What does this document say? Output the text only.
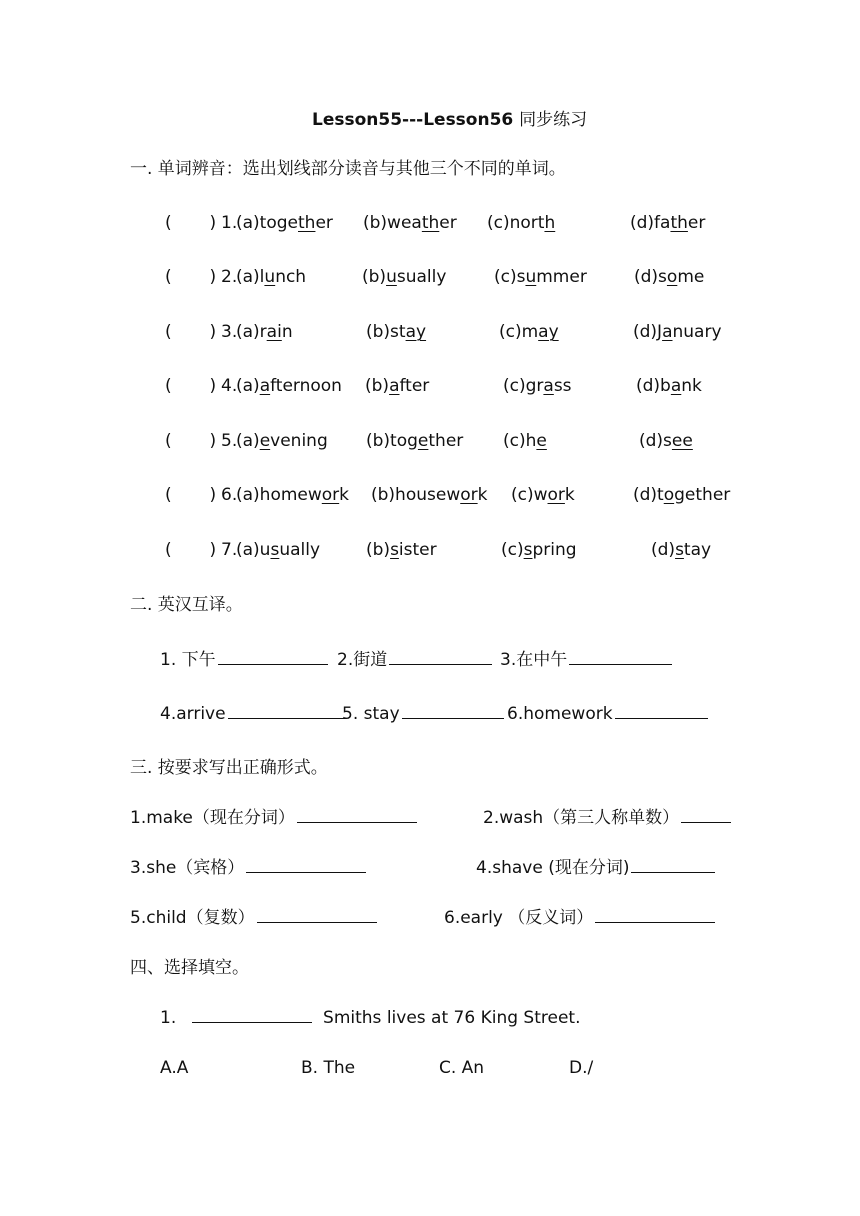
Lesson55---Lesson56 同步练习
一. 单词辨音：选出划线部分读音与其他三个不同的单词。
(       ) 1.
(a)together (b)weather (c)north	(d)father
(       ) 2.
(a)lunch	(b)usually	(c)summer	(d)some
(       ) 3.
(a)rain	(b)stay	(c)may	(d)January
(       ) 4.
(a)afternoon (b)after	(c)grass	(d)bank
(       ) 5.
(a)evening (b)together (c)he	(d)see
(       ) 6.
(a)homework (b)housework (c)work	(d)together
(       ) 7.
(a)usually	(b)sister	(c)spring	(d)stay
二. 英汉互译。
1. 下午	2.街道	3.在中午
4.arrive	5. stay	6.homework
三. 按要求写出正确形式。
1.make（现在分词）	2.wash（第三人称单数）
3.she（宾格）	4.shave (现在分词)
5.child（复数）	6.early （反义词）
四、选择填空。
1.	Smiths lives at 76 King Street.
A.A	B. The	C. An	D./
